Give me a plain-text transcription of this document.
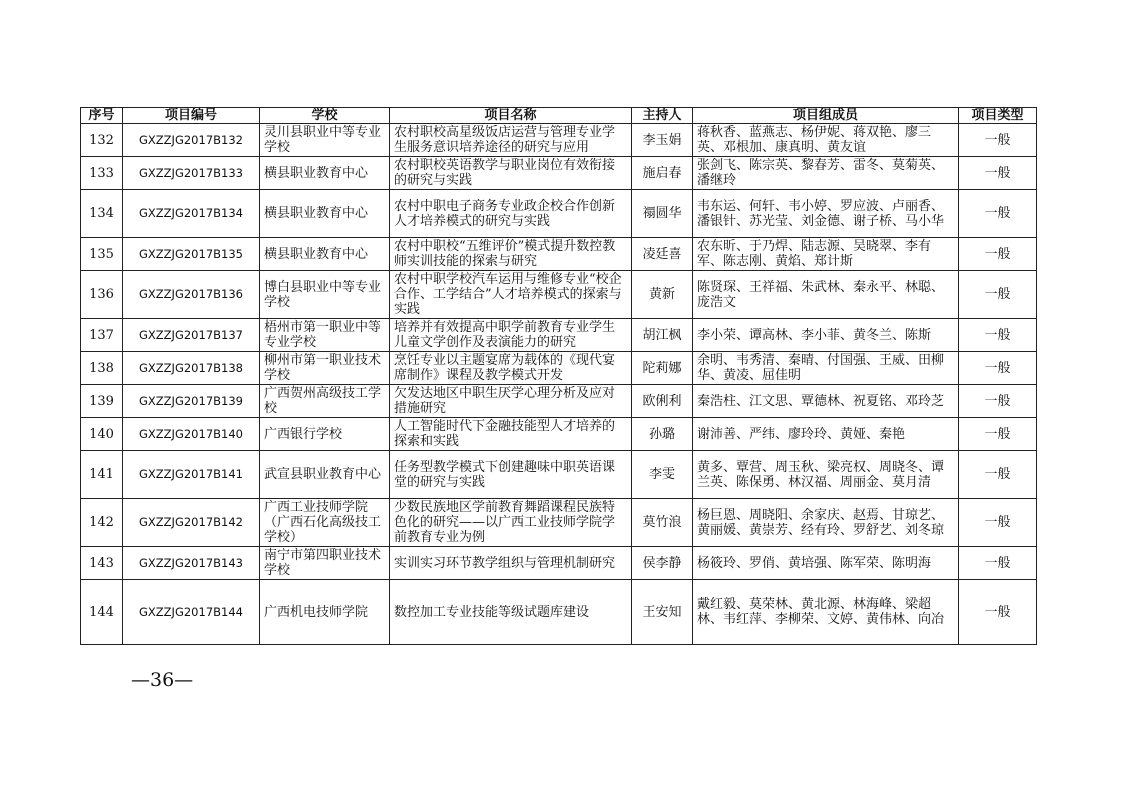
序号	项目编号	学校	项目名称	主持人	项目组成员	项目类型
132	GXZZJG2017B132	灵川县职业中等专业学校	农村职校高星级饭店运营与管理专业学生服务意识培养途径的研究与应用	李玉娟	蒋秋香、蓝燕志、杨伊妮、蒋双艳、廖三英、邓根加、康真明、黄友谊	一般
133	GXZZJG2017B133	横县职业教育中心	农村职校英语教学与职业岗位有效衔接的研究与实践	施启春	张剑飞、陈宗英、黎春芳、雷冬、莫菊英、潘继玲	一般
134	GXZZJG2017B134	横县职业教育中心	农村中职电子商务专业政企校合作创新人才培养模式的研究与实践	禤圆华	韦东运、何轩、韦小婷、罗应波、卢丽香、潘银针、苏光莹、刘金德、谢子桥、马小华	一般
135	GXZZJG2017B135	横县职业教育中心	农村中职校“五维评价”模式提升数控教师实训技能的探索与研究	凌廷喜	农东昕、于乃焊、陆志源、吴晓翠、李有军、陈志刚、黄焰、郑计斯	一般
136	GXZZJG2017B136	博白县职业中等专业学校	农村中职学校汽车运用与维修专业“校企合作、工学结合”人才培养模式的探索与实践	黄新	陈贤琛、王祥福、朱武林、秦永平、林聪、庞浩文	一般
137	GXZZJG2017B137	梧州市第一职业中等专业学校	培养并有效提高中职学前教育专业学生儿童文学创作及表演能力的研究	胡江枫	李小荣、谭高林、李小菲、黄冬兰、陈斯	一般
138	GXZZJG2017B138	柳州市第一职业技术学校	烹饪专业以主题宴席为载体的《现代宴席制作》课程及教学模式开发	陀莉娜	余明、韦秀清、秦晴、付国强、王威、田柳华、黄凌、屈佳明	一般
139	GXZZJG2017B139	广西贺州高级技工学校	欠发达地区中职生厌学心理分析及应对措施研究	欧俐利	秦浩柱、江文思、覃德林、祝夏铭、邓玲芝	一般
140	GXZZJG2017B140	广西银行学校	人工智能时代下金融技能型人才培养的探索和实践	孙璐	谢沛善、严纬、廖玲玲、黄娅、秦艳	一般
141	GXZZJG2017B141	武宣县职业教育中心	任务型教学模式下创建趣味中职英语课堂的研究与实践	李雯	黄多、覃营、周玉秋、梁亮权、周晓冬、谭兰英、陈保勇、林汉福、周丽金、莫月清	一般
142	GXZZJG2017B142	广西工业技师学院（广西石化高级技工学校）	少数民族地区学前教育舞蹈课程民族特色化的研究——以广西工业技师学院学前教育专业为例	莫竹浪	杨巨恩、周晓阳、余家庆、赵焉、甘琼艺、黄丽媛、黄崇芳、经有玲、罗舒艺、刘冬琼	一般
143	GXZZJG2017B143	南宁市第四职业技术学校	实训实习环节教学组织与管理机制研究	侯李静	杨筱玲、罗俏、黄培强、陈军荣、陈明海	一般
144	GXZZJG2017B144	广西机电技师学院	数控加工专业技能等级试题库建设	王安知	戴红毅、莫荣林、黄北源、林海峰、梁超林、韦红萍、李柳荣、文婷、黄伟林、向冶	一般
—36—
